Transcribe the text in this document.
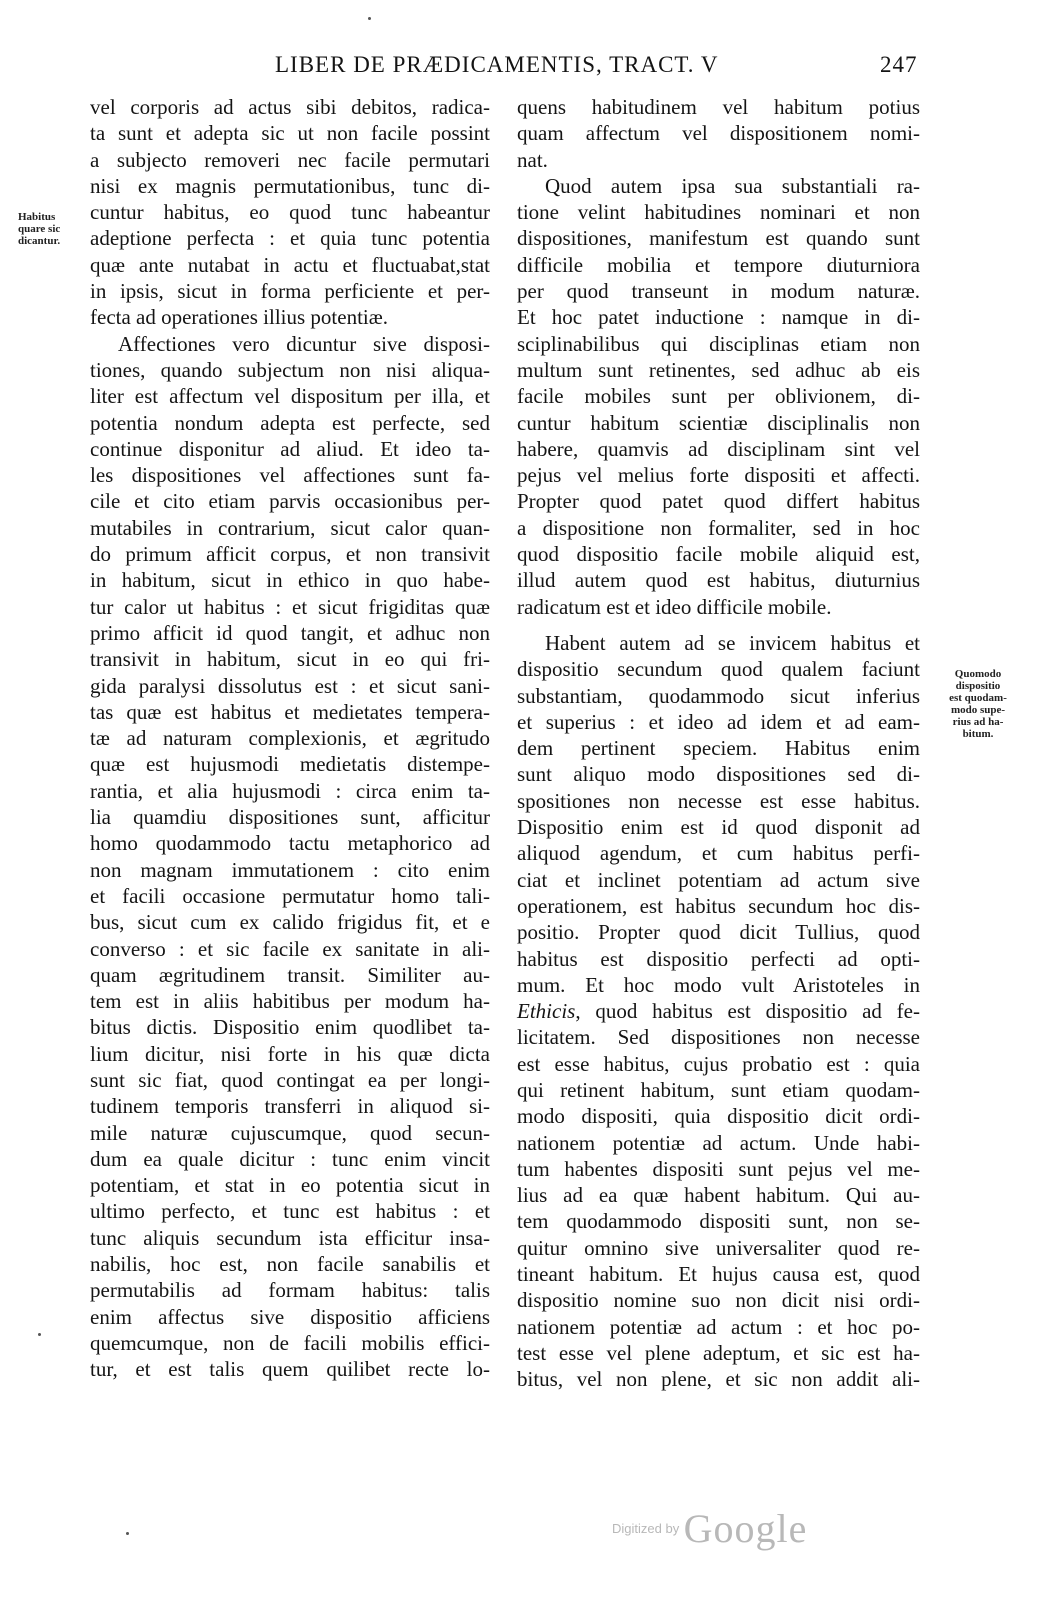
LIBER DE PRÆDICAMENTIS, TRACT. V	247
Habitus
quare sic
dicantur.
Quomodo
dispositio
est quodam-
modo supe-
rius ad ha-
bitum.
vel corporis ad actus sibi debitos, radica-
ta sunt et adepta sic ut non facile possint
a subjecto removeri nec facile permutari
nisi ex magnis permutationibus, tunc di-
cuntur habitus, eo quod tunc habeantur
adeptione perfecta : et quia tunc potentia
quæ ante nutabat in actu et fluctuabat,stat
in ipsis, sicut in forma perficiente et per-
fecta ad operationes illius potentiæ.
Affectiones vero dicuntur sive disposi-
tiones, quando subjectum non nisi aliqua-
liter est affectum vel dispositum per illa, et
potentia nondum adepta est perfecte, sed
continue disponitur ad aliud. Et ideo ta-
les dispositiones vel affectiones sunt fa-
cile et cito etiam parvis occasionibus per-
mutabiles in contrarium, sicut calor quan-
do primum afficit corpus, et non transivit
in habitum, sicut in ethico in quo habe-
tur calor ut habitus : et sicut frigiditas quæ
primo afficit id quod tangit, et adhuc non
transivit in habitum, sicut in eo qui fri-
gida paralysi dissolutus est : et sicut sani-
tas quæ est habitus et medietates tempera-
tæ ad naturam complexionis, et ægritudo
quæ est hujusmodi medietatis distempe-
rantia, et alia hujusmodi : circa enim ta-
lia quamdiu dispositiones sunt, afficitur
homo quodammodo tactu metaphorico ad
non magnam immutationem : cito enim
et facili occasione permutatur homo tali-
bus, sicut cum ex calido frigidus fit, et e
converso : et sic facile ex sanitate in ali-
quam ægritudinem transit. Similiter au-
tem est in aliis habitibus per modum ha-
bitus dictis. Dispositio enim quodlibet ta-
lium dicitur, nisi forte in his quæ dicta
sunt sic fiat, quod contingat ea per longi-
tudinem temporis transferri in aliquod si-
mile naturæ cujuscumque, quod secun-
dum ea quale dicitur : tunc enim vincit
potentiam, et stat in eo potentia sicut in
ultimo perfecto, et tunc est habitus : et
tunc aliquis secundum ista efficitur insa-
nabilis, hoc est, non facile sanabilis et
permutabilis ad formam habitus: talis
enim affectus sive dispositio afficiens
quemcumque, non de facili mobilis effici-
tur, et est talis quem quilibet recte lo-
quens habitudinem vel habitum potius
quam affectum vel dispositionem nomi-
nat.
Quod autem ipsa sua substantiali ra-
tione velint habitudines nominari et non
dispositiones, manifestum est quando sunt
difficile mobilia et tempore diuturniora
per quod transeunt in modum naturæ.
Et hoc patet inductione : namque in di-
sciplinabilibus qui disciplinas etiam non
multum sunt retinentes, sed adhuc ab eis
facile mobiles sunt per oblivionem, di-
cuntur habitum scientiæ disciplinalis non
habere, quamvis ad disciplinam sint vel
pejus vel melius forte dispositi et affecti.
Propter quod patet quod differt habitus
a dispositione non formaliter, sed in hoc
quod dispositio facile mobile aliquid est,
illud autem quod est habitus, diuturnius
radicatum est et ideo difficile mobile.
Habent autem ad se invicem habitus et
dispositio secundum quod qualem faciunt
substantiam, quodammodo sicut inferius
et superius : et ideo ad idem et ad eam-
dem pertinent speciem. Habitus enim
sunt aliquo modo dispositiones sed di-
spositiones non necesse est esse habitus.
Dispositio enim est id quod disponit ad
aliquod agendum, et cum habitus perfi-
ciat et inclinet potentiam ad actum sive
operationem, est habitus secundum hoc dis-
positio. Propter quod dicit Tullius, quod
habitus est dispositio perfecti ad opti-
mum. Et hoc modo vult Aristoteles in
Ethicis, quod habitus est dispositio ad fe-
licitatem. Sed dispositiones non necesse
est esse habitus, cujus probatio est : quia
qui retinent habitum, sunt etiam quodam-
modo dispositi, quia dispositio dicit ordi-
nationem potentiæ ad actum. Unde habi-
tum habentes dispositi sunt pejus vel me-
lius ad ea quæ habent habitum. Qui au-
tem quodammodo dispositi sunt, non se-
quitur omnino sive universaliter quod re-
tineant habitum. Et hujus causa est, quod
dispositio nomine suo non dicit nisi ordi-
nationem potentiæ ad actum : et hoc po-
test esse vel plene adeptum, et sic est ha-
bitus, vel non plene, et sic non addit ali-
Digitized by Google
